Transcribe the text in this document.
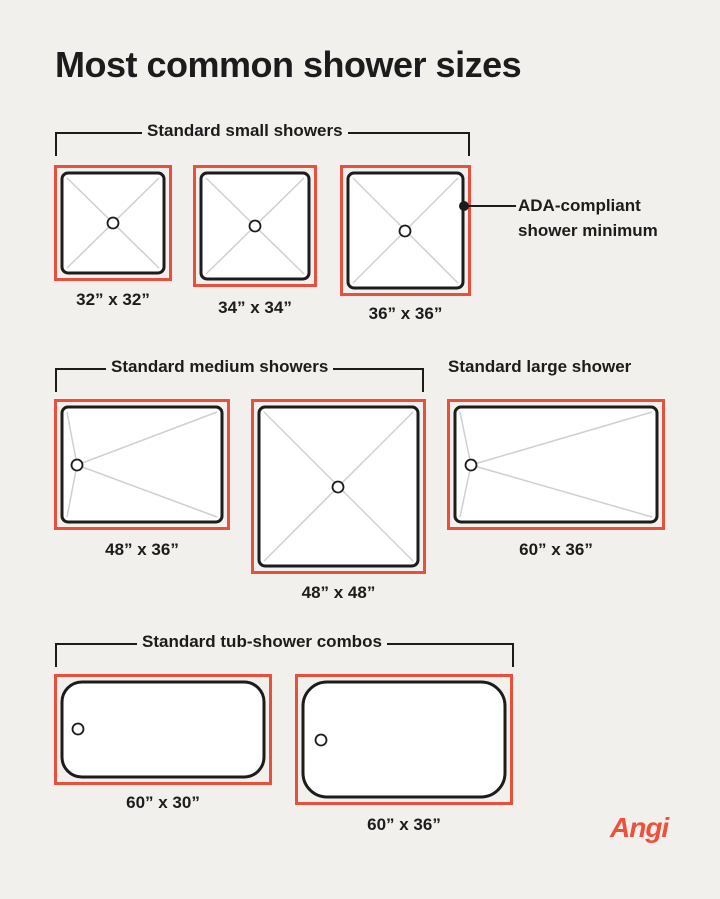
Most common shower sizes
Standard small showers
32” x 32”	34” x 34”	36” x 36”
ADA-compliant
shower minimum
Standard medium showers
48” x 36”
48” x 48”
Standard large shower
60” x 36”
Standard tub-shower combos
60” x 30”
60” x 36”	Angi
